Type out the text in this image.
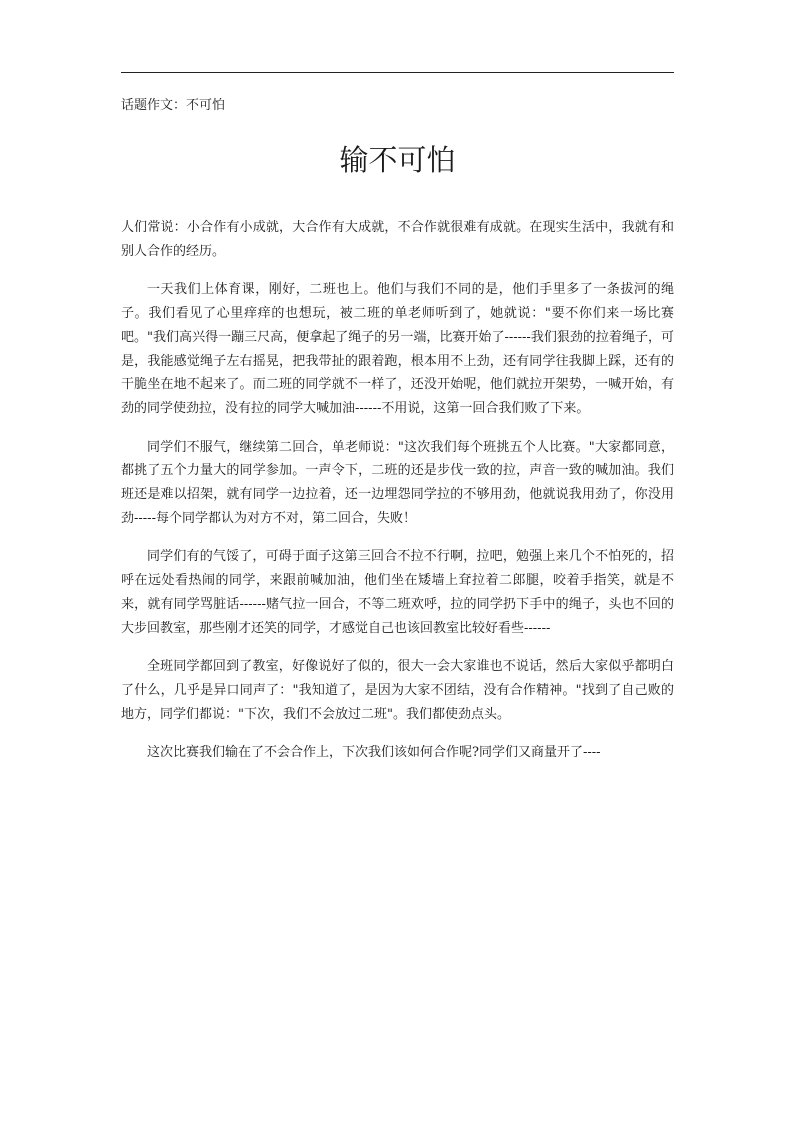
话题作文：不可怕
输不可怕

人们常说：小合作有小成就，大合作有大成就，不合作就很难有成就。在现实生活中，我就有和别人合作的经历。

一天我们上体育课，刚好，二班也上。他们与我们不同的是，他们手里多了一条拔河的绳子。我们看见了心里痒痒的也想玩，被二班的单老师听到了，她就说："要不你们来一场比赛吧。"我们高兴得一蹦三尺高，便拿起了绳子的另一端，比赛开始了------我们狠劲的拉着绳子，可是，我能感觉绳子左右摇晃，把我带扯的跟着跑，根本用不上劲，还有同学往我脚上踩，还有的干脆坐在地不起来了。而二班的同学就不一样了，还没开始呢，他们就拉开架势，一喊开始，有劲的同学使劲拉，没有拉的同学大喊加油------不用说，这第一回合我们败了下来。

同学们不服气，继续第二回合，单老师说："这次我们每个班挑五个人比赛。"大家都同意，都挑了五个力量大的同学参加。一声令下，二班的还是步伐一致的拉，声音一致的喊加油。我们班还是难以招架，就有同学一边拉着，还一边埋怨同学拉的不够用劲，他就说我用劲了，你没用劲-----每个同学都认为对方不对，第二回合，失败！

同学们有的气馁了，可碍于面子这第三回合不拉不行啊，拉吧，勉强上来几个不怕死的，招呼在远处看热闹的同学，来跟前喊加油，他们坐在矮墙上耷拉着二郎腿，咬着手指笑，就是不来，就有同学骂脏话------赌气拉一回合，不等二班欢呼，拉的同学扔下手中的绳子，头也不回的大步回教室，那些刚才还笑的同学，才感觉自己也该回教室比较好看些------

全班同学都回到了教室，好像说好了似的，很大一会大家谁也不说话，然后大家似乎都明白了什么，几乎是异口同声了："我知道了，是因为大家不团结，没有合作精神。"找到了自己败的地方，同学们都说："下次，我们不会放过二班"。我们都使劲点头。

这次比赛我们输在了不会合作上，下次我们该如何合作呢?同学们又商量开了----
